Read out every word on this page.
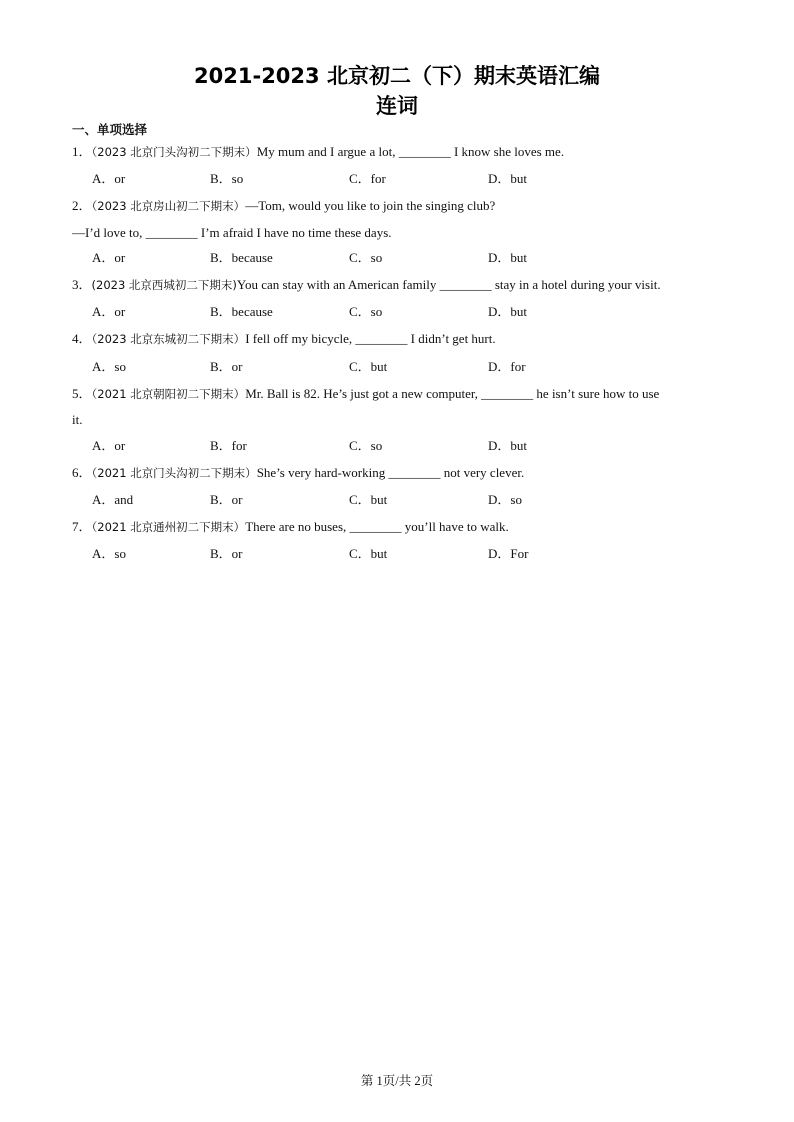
2021-2023 北京初二（下）期末英语汇编
连词
一、单项选择
1．（2023 北京门头沟初二下期末）My mum and I argue a lot, ________ I know she loves me.
A．or	B．so	C．for	D．but
2．（2023 北京房山初二下期末）—Tom, would you like to join the singing club?
—I’d love to, ________ I’m afraid I have no time these days.
A．or	B．because	C．so	D．but
3．(2023 北京西城初二下期末)You can stay with an American family ________ stay in a hotel during your visit.
A．or	B．because	C．so	D．but
4．（2023 北京东城初二下期末）I fell off my bicycle, ________ I didn’t get hurt.
A．so	B．or	C．but	D．for
5．（2021 北京朝阳初二下期末）Mr. Ball is 82. He’s just got a new computer, ________ he isn’t sure how to use
it.
A．or	B．for	C．so	D．but
6．（2021 北京门头沟初二下期末）She’s very hard-working ________ not very clever.
A．and	B．or	C．but	D．so
7．（2021 北京通州初二下期末）There are no buses, ________ you’ll have to walk.
A．so	B．or	C．but	D．For
第 1页/共 2页
